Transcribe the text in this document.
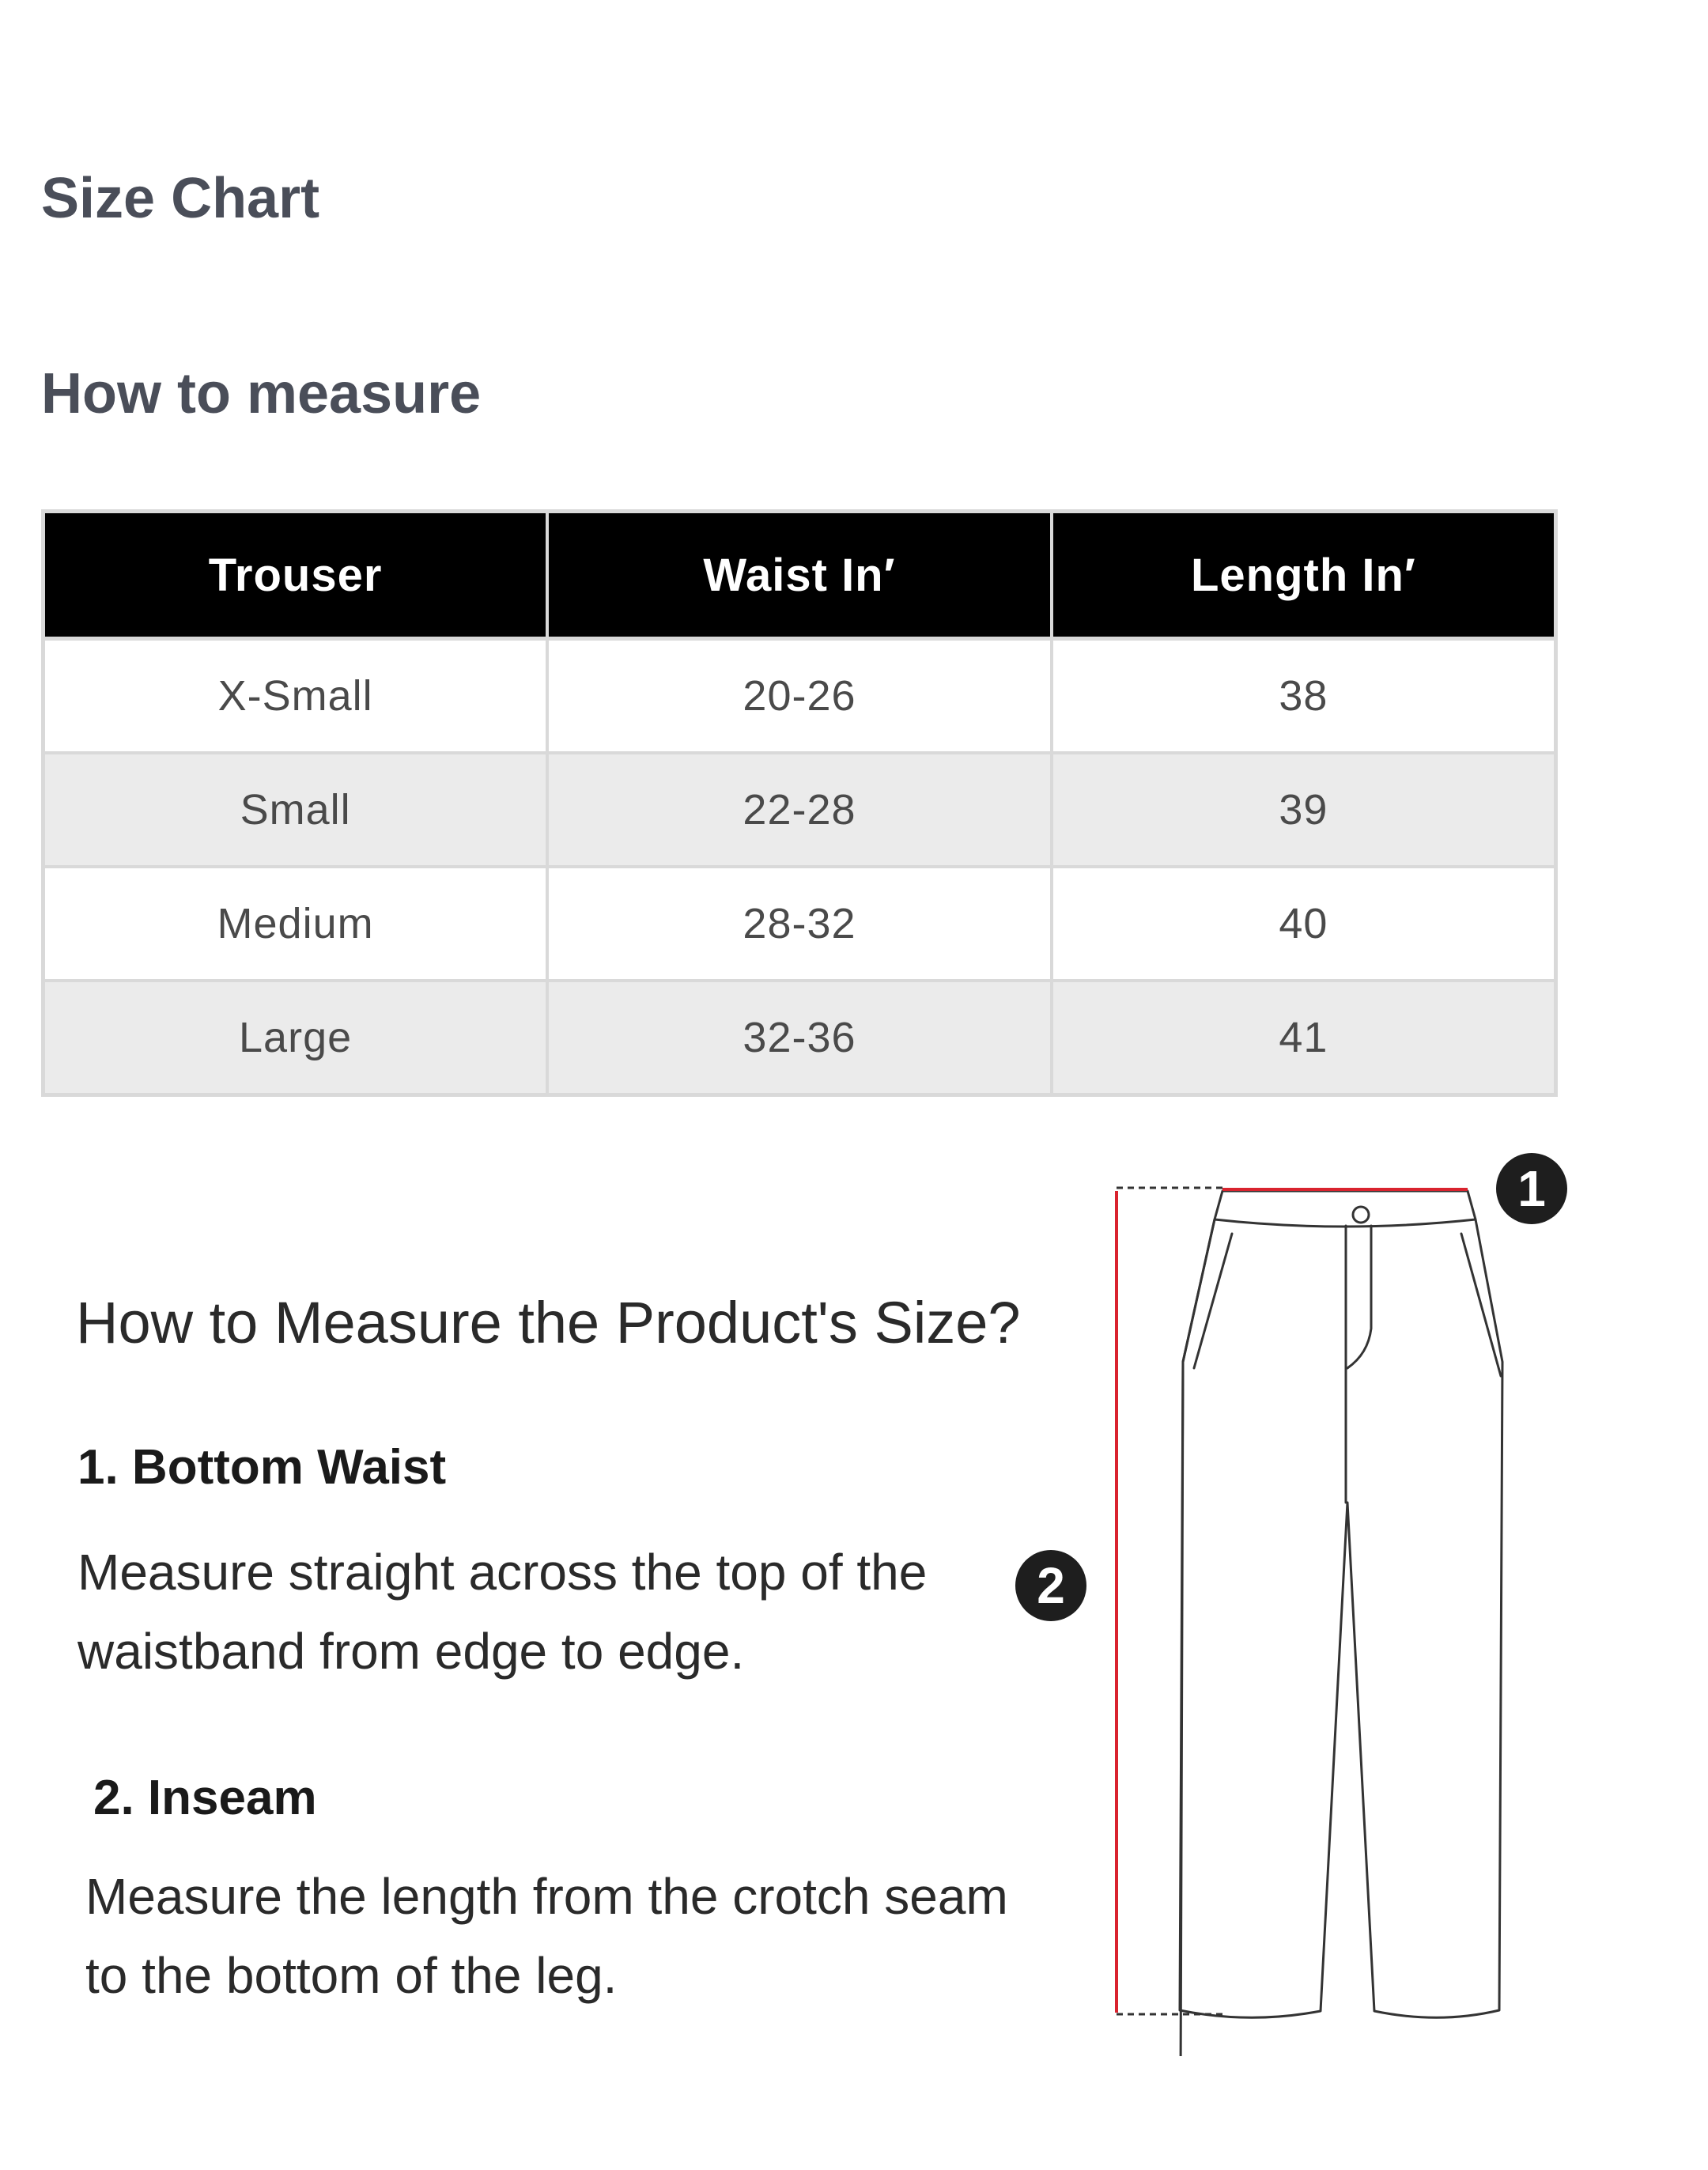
Size Chart
How to measure
Trouser	Waist In′	Length In′
X-Small	20-26	38
Small	22-28	39
Medium	28-32	40
Large	32-36	41
How to Measure the Product's Size?
1. Bottom Waist
Measure straight across the top of the
waistband from edge to edge.
2. Inseam
Measure the length from the crotch seam
to the bottom of the leg.
1
2
